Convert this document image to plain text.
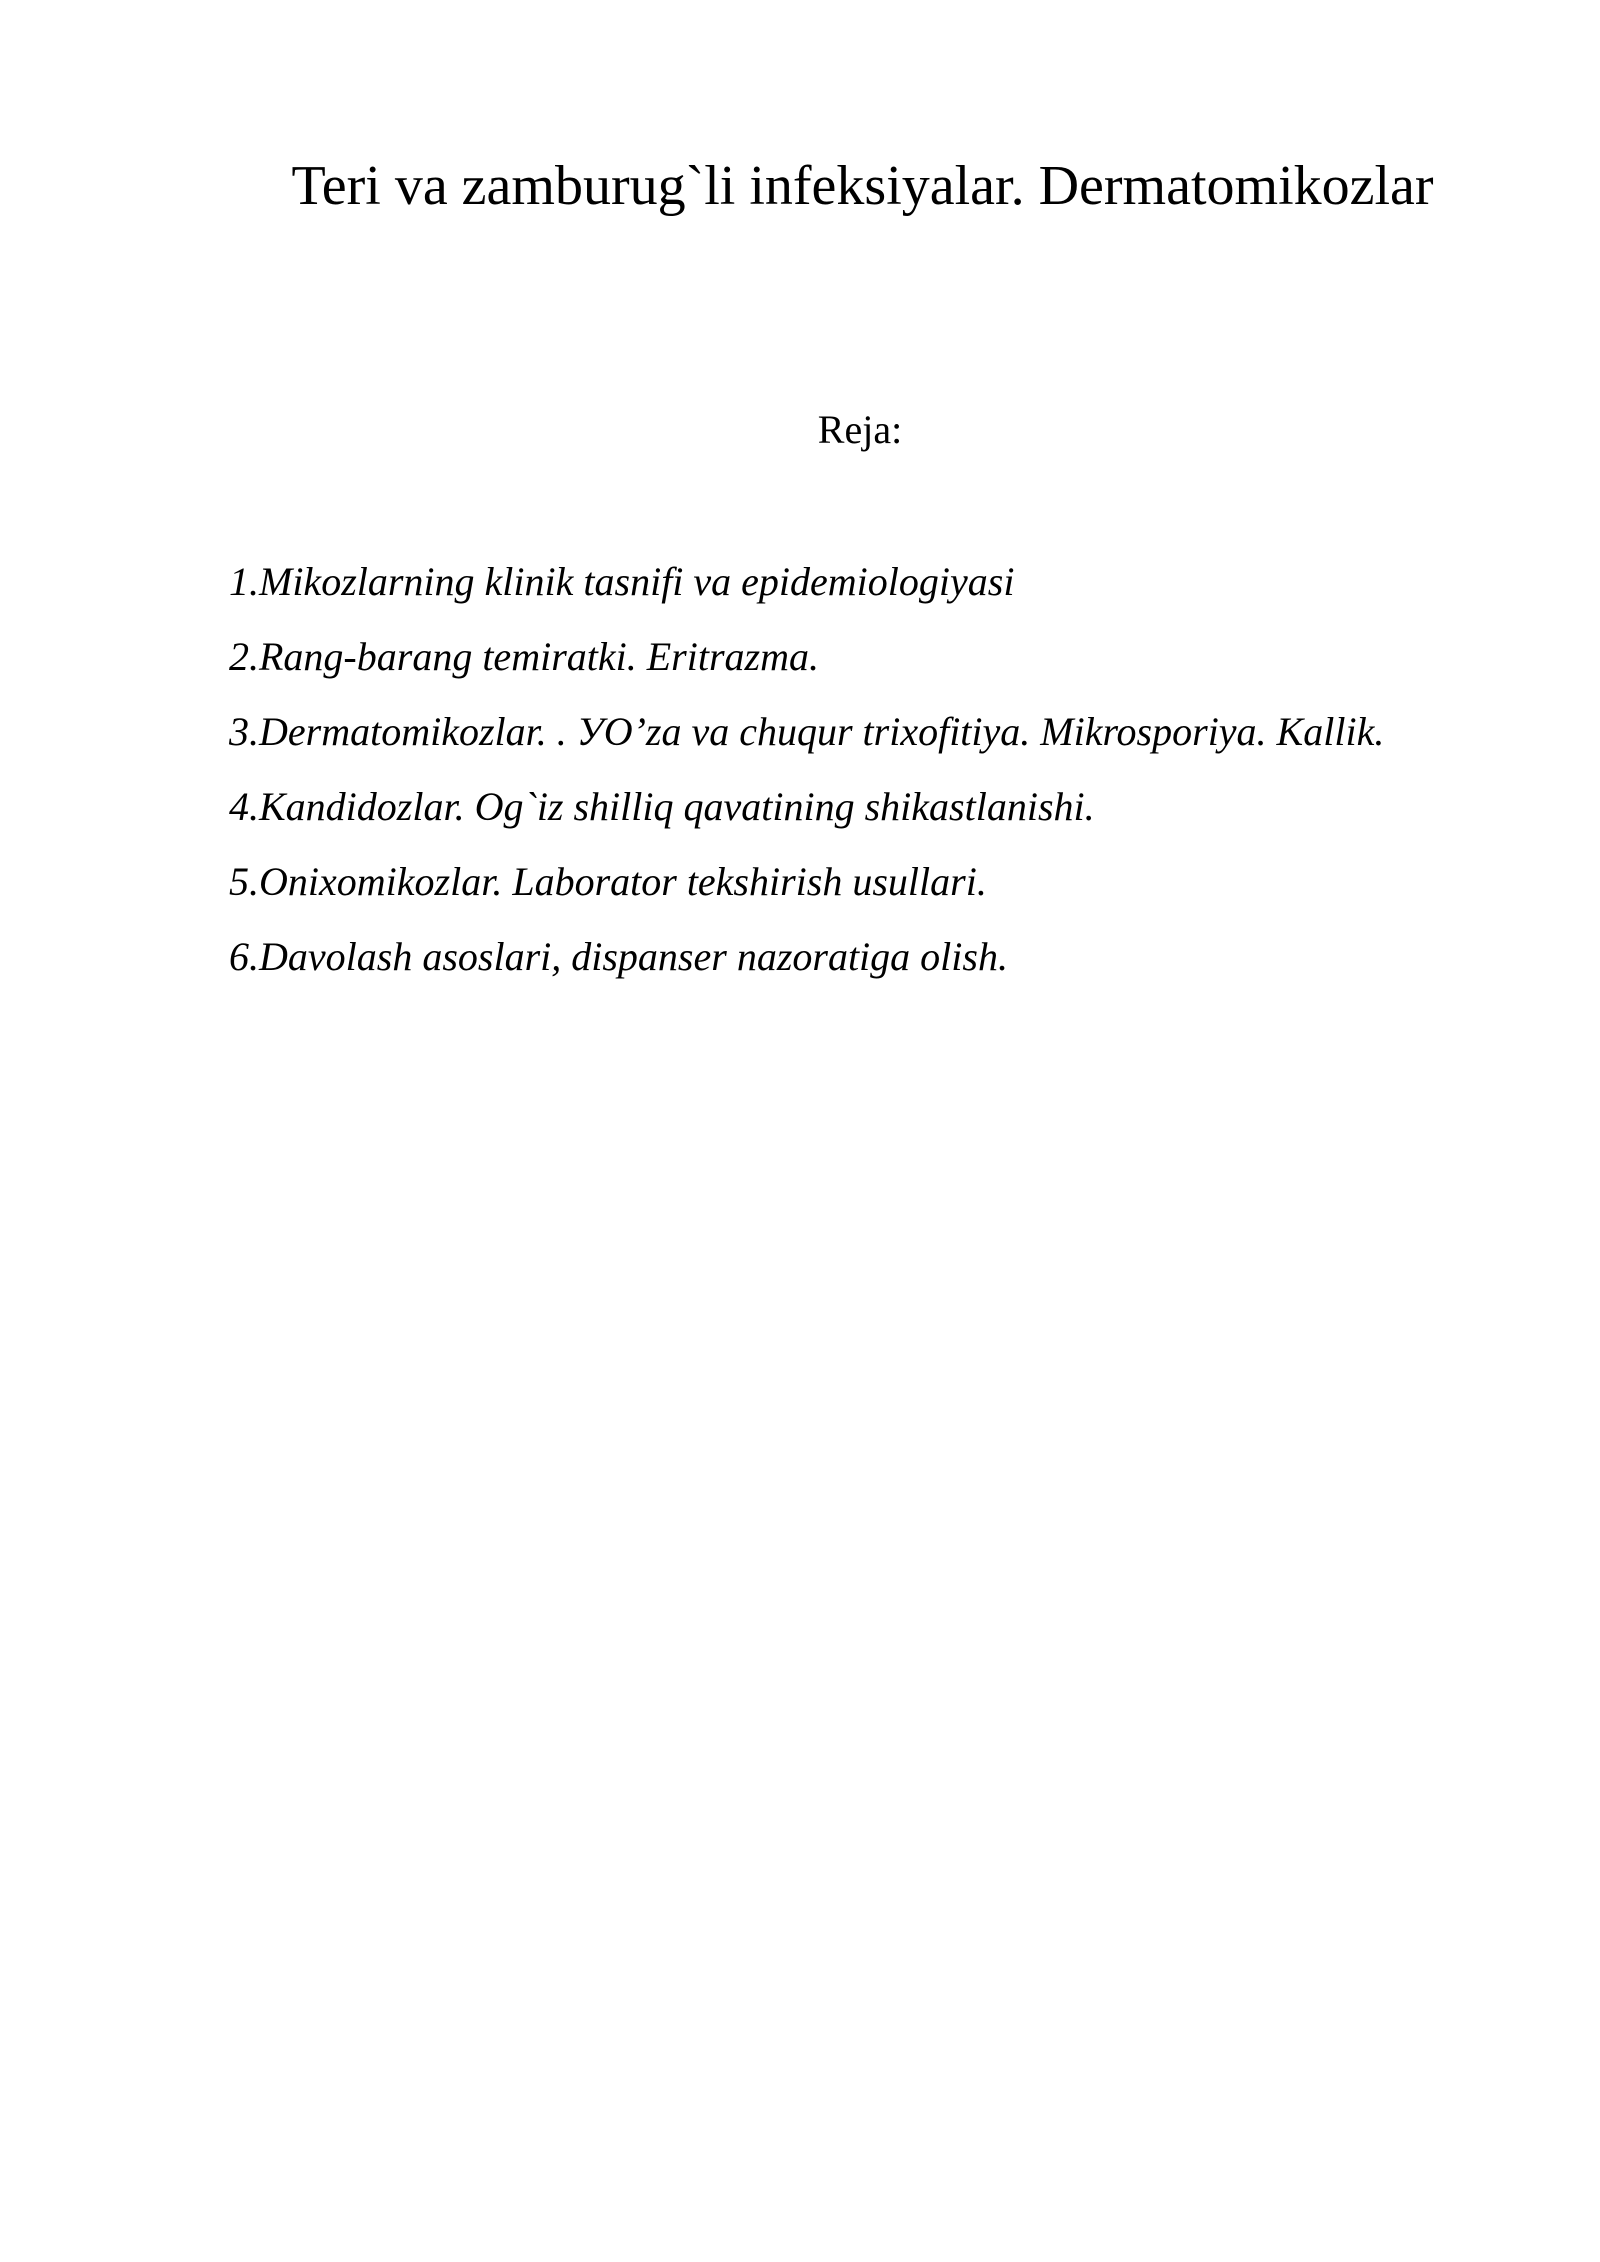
Teri va zamburug`li infeksiyalar. Dermatomikozlar
Reja:
1.Mikozlarning klinik tasnifi va epidemiologiyasi
2.Rang-barang temiratki. Eritrazma.
3.Dermatomikozlar. . УO’za va chuqur trixofitiya. Mikrosporiya. Kallik.
4.Kandidozlar. Og`iz shilliq qavatining shikastlanishi.
5.Onixomikozlar. Laborator tekshirish usullari.
6.Davolash asoslari, dispanser nazoratiga olish.
